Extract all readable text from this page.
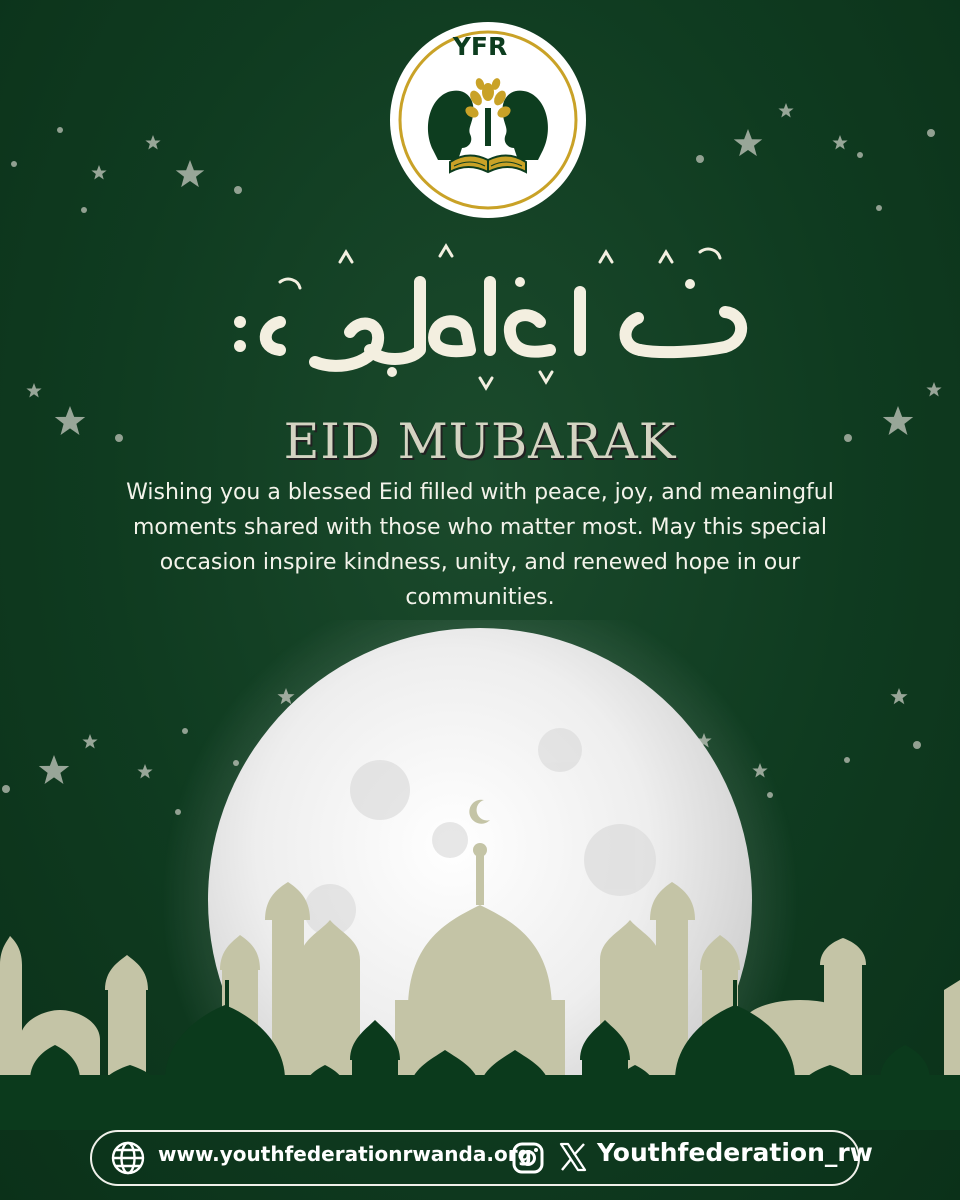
YFR
عيد الفطر
EID MUBARAK
Wishing you a blessed Eid filled with peace, joy, and meaningful moments shared with those who matter most. May this special occasion inspire kindness, unity, and renewed hope in our communities.
www.youthfederationrwanda.org	Youthfederation_rw
